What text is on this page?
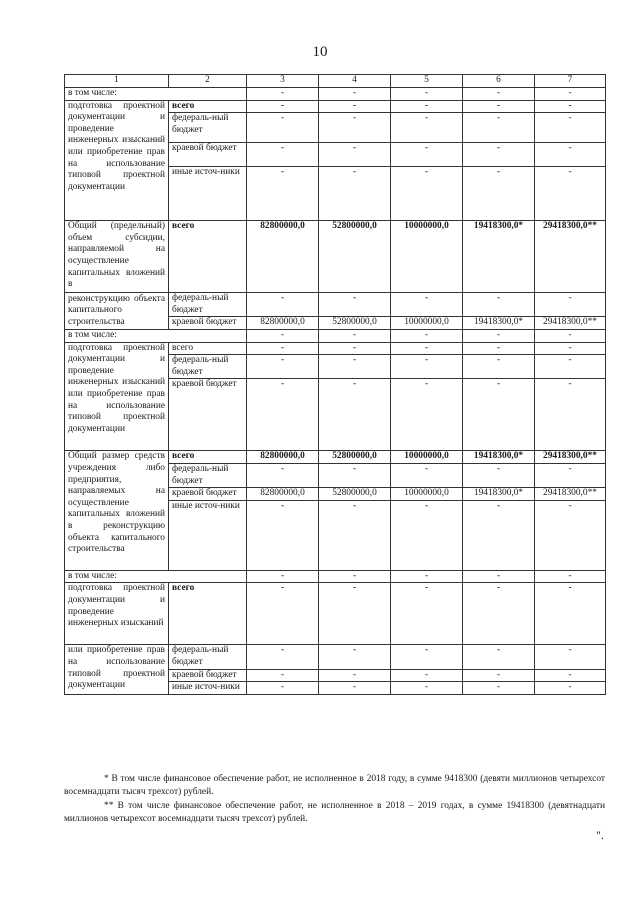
10
1	2	3	4	5	6	7
в том числе:		-	-	-	-	-
подготовка проектной документации и проведение инженерных изысканий или приобретение прав на использование типовой проектной документации	всего	-	-	-	-	-
	федераль-ный бюджет	-	-	-	-	-
	краевой бюджет	-	-	-	-	-
	иные источ-ники	-	-	-	-	-
Общий (предельный) объем субсидии, направляемой на осуществление капитальных вложений в	всего	82800000,0	52800000,0	10000000,0	19418300,0*	29418300,0**
реконструкцию объекта капитального строительства	федераль-ный бюджет	-	-	-	-	-
	краевой бюджет	82800000,0	52800000,0	10000000,0	19418300,0*	29418300,0**
в том числе:		-	-	-	-	-
подготовка проектной документации и проведение инженерных изысканий или приобретение прав на использование типовой проектной документации	всего	-	-	-	-	-
	федераль-ный бюджет	-	-	-	-	-
	краевой бюджет	-	-	-	-	-
Общий размер средств учреждения либо предприятия, направляемых на осуществление капитальных вложений в реконструкцию объекта капитального строительства	всего	82800000,0	52800000,0	10000000,0	19418300,0*	29418300,0**
	федераль-ный бюджет	-	-	-	-	-
	краевой бюджет	82800000,0	52800000,0	10000000,0	19418300,0*	29418300,0**
	иные источ-ники	-	-	-	-	-
в том числе:		-	-	-	-	-
подготовка проектной документации и проведение инженерных изысканий	всего	-	-	-	-	-
или приобретение прав на использование типовой проектной документации	федераль-ный бюджет	-	-	-	-	-
	краевой бюджет	-	-	-	-	-
	иные источ-ники	-	-	-	-	-
* В том числе финансовое обеспечение работ, не исполненное в 2018 году, в сумме 9418300 (девяти миллионов четырехсот восемнадцати тысяч трехсот) рублей.
** В том числе финансовое обеспечение работ, не исполненное в 2018 – 2019 годах, в сумме 19418300 (девятнадцати миллионов четырехсот восемнадцати тысяч трехсот) рублей.
".
